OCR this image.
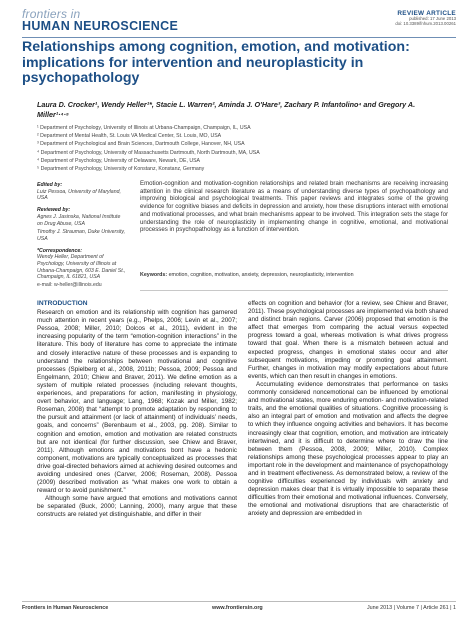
frontiers in
HUMAN NEUROSCIENCE
REVIEW ARTICLE
published: 17 June 2013
doi: 10.3389/fnhum.2013.00261
Relationships among cognition, emotion, and motivation: implications for intervention and neuroplasticity in psychopathology
Laura D. Crocker¹, Wendy Heller¹*, Stacie L. Warren², Aminda J. O'Hare³, Zachary P. Infantolino⁴ and Gregory A. Miller¹·⁴·⁵
¹ Department of Psychology, University of Illinois at Urbana-Champaign, Champaign, IL, USA
² Department of Mental Health, St. Louis VA Medical Center, St. Louis, MO, USA
³ Department of Psychological and Brain Sciences, Dartmouth College, Hanover, NH, USA
⁴ Department of Psychology, University of Massachusetts Dartmouth, North Dartmouth, MA, USA
⁴ Department of Psychology, University of Delaware, Newark, DE, USA
⁵ Department of Psychology, University of Konstanz, Konstanz, Germany
Edited by:
Luiz Pessoa, University of Maryland, USA
Reviewed by:
Agnes J. Jasinska, National Institute on Drug Abuse, USA
Timothy J. Strauman, Duke University, USA
*Correspondence:
Wendy Heller, Department of Psychology, University of Illinois at Urbana-Champaign, 603 E. Daniel St., Champaign, IL 61821, USA
e-mail: w-heller@illinois.edu
Emotion-cognition and motivation-cognition relationships and related brain mechanisms are receiving increasing attention in the clinical research literature as a means of understanding diverse types of psychopathology and improving biological and psychological treatments. This paper reviews and integrates some of the growing evidence for cognitive biases and deficits in depression and anxiety, how these disruptions interact with emotional and motivational processes, and what brain mechanisms appear to be involved. This integration sets the stage for understanding the role of neuroplasticity in implementing change in cognitive, emotional, and motivational processes in psychopathology as a function of intervention.
Keywords: emotion, cognition, motivation, anxiety, depression, neuroplasticity, intervention
INTRODUCTION

Research on emotion and its relationship with cognition has garnered much attention in recent years (e.g., Phelps, 2006; Levin et al., 2007; Pessoa, 2008; Miller, 2010; Dolcos et al., 2011), evident in the increasing popularity of the term “emotion-cognition interactions” in the literature. This body of literature has come to appreciate the intimate and closely interactive nature of these processes and is expanding to understand the relationships between motivational and cognitive processes (Spielberg et al., 2008, 2011b; Pessoa, 2009; Pessoa and Engelmann, 2010; Chiew and Braver, 2011). We define emotion as a system of multiple related processes (including relevant thoughts, experiences, and preparations for action, manifesting in physiology, overt behavior, and language; Lang, 1968; Kozak and Miller, 1982; Roseman, 2008) that “attempt to promote adaptation by responding to the pursuit and attainment (or lack of attainment) of individuals’ needs, goals, and concerns” (Berenbaum et al., 2003, pg. 208). Similar to cognition and emotion, emotion and motivation are related constructs but are not identical (for further discussion, see Chiew and Braver, 2011). Although emotions and motivations bont have a hedonic component, motivations are typically conceptualized as processes that drive goal-directed behaviors aimed at achieving desired outcomes and avoiding undesired ones (Carver, 2006; Roseman, 2008). Pessoa (2009) described motivation as “what makes one work to obtain a reward or to avoid punishment.”

Although some have argued that emotions and motivations cannot be separated (Buck, 2000; Lanning, 2000), many argue that these constructs are related yet distinguishable, and differ in their

effects on cognition and behavior (for a review, see Chiew and Braver, 2011). These psychological processes are implemented via both shared and distinct brain regions. Carver (2006) proposed that emotion is the affect that emerges from comparing the actual versus expected progress toward a goal, whereas motivation is what drives progress toward that goal. When there is a mismatch between actual and expected progress, changes in emotional states occur and alter subsequent motivations, impeding or promoting goal attainment. Further, changes in motivation may modify expectations about future events, which can then result in changes in emotions.

Accumulating evidence demonstrates that performance on tasks commonly considered noncemotional can be influenced by emotional and motivational states, more enduring emotion- and motivation-related traits, and the emotional qualities of situations. Cognitive processing is also an integral part of emotion and motivation and affects the degree to which they influence ongoing activities and behaviors. It has become increasingly clear that cognition, emotion, and motivation are intricately intertwined, and it is difficult to determine where to draw the line between them (Pessoa, 2008, 2009; Miller, 2010). Complex relationships among these psychological processes appear to play an important role in the development and maintenance of psychopathology and in treatment effectiveness. As demonstrated below, a review of the cognitive difficulties experienced by individuals with anxiety and depression makes clear that it is virtually impossible to separate these difficulties from their emotional and motivational influences. Conversely, the emotional and motivational disruptions that are characteristic of anxiety and depression are embedded in

Frontiers in Human Neuroscience	www.frontiersin.org	June 2013 | Volume 7 | Article 261 | 1
